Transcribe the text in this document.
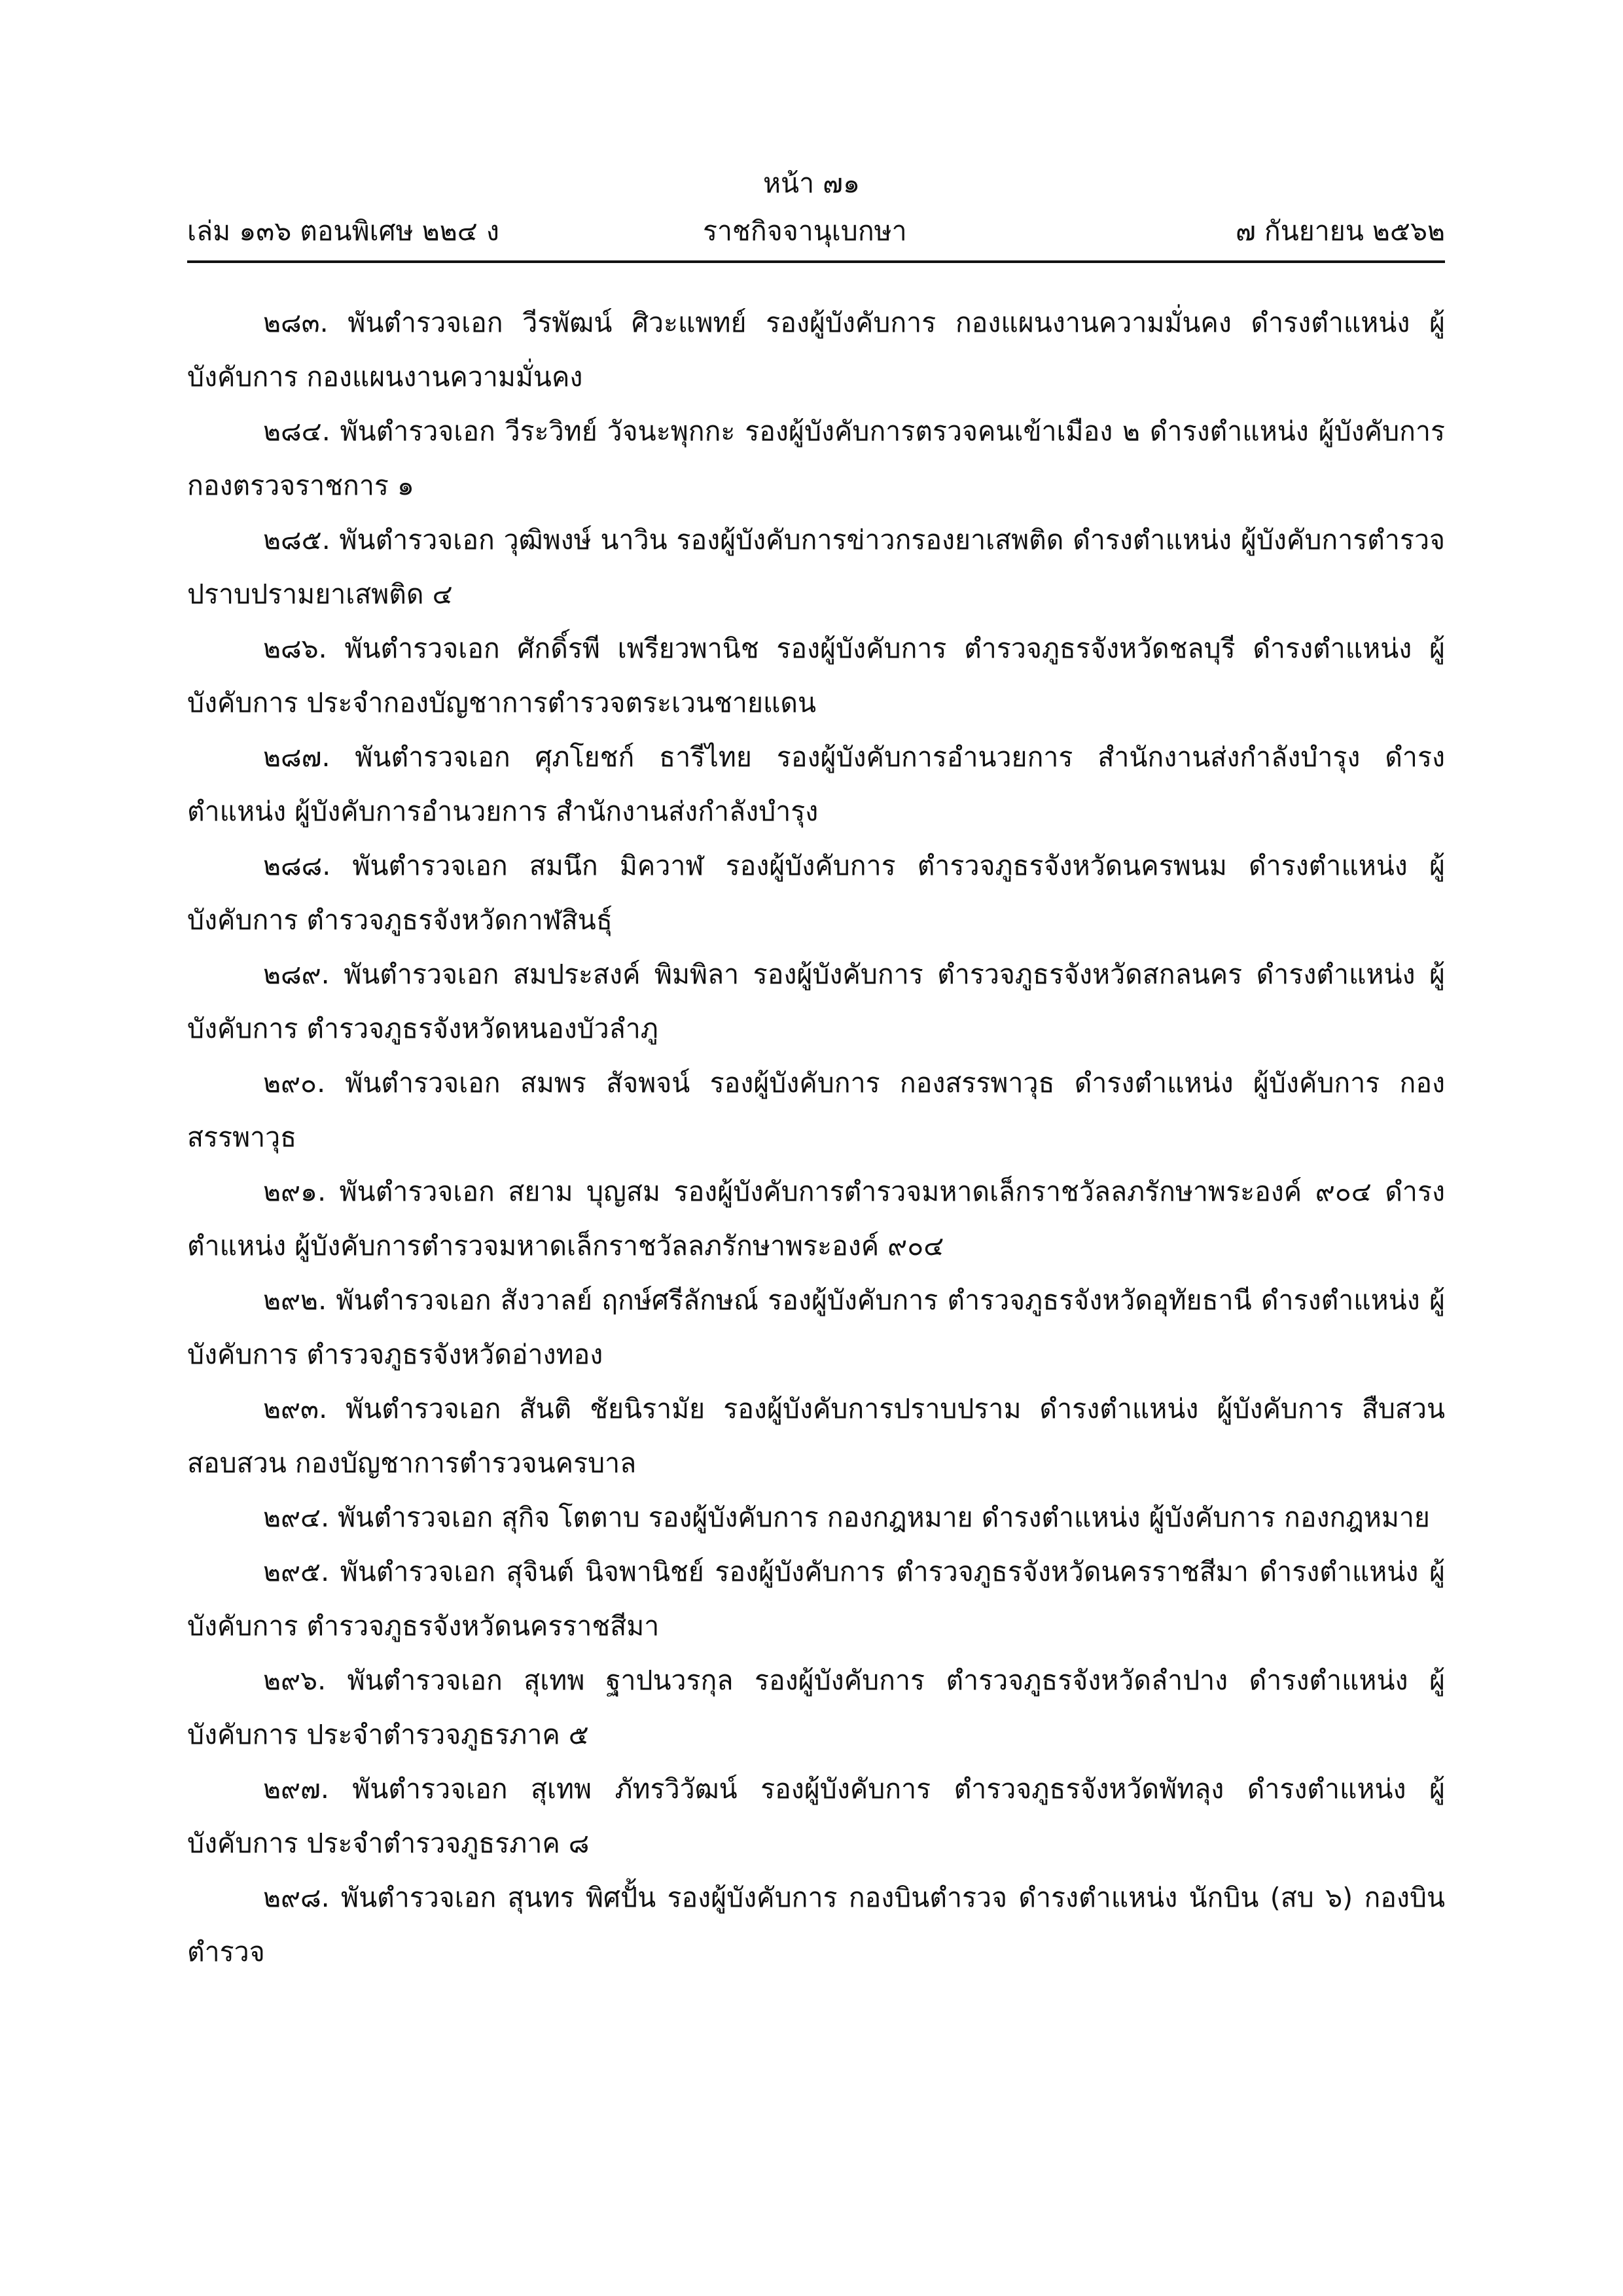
หน้า ๗๑
เล่ม ๑๓๖ ตอนพิเศษ ๒๒๔ ง	ราชกิจจานุเบกษา	๗ กันยายน ๒๕๖๒

๒๘๓. พันตำรวจเอก วีรพัฒน์ ศิวะแพทย์ รองผู้บังคับการ กองแผนงานความมั่นคง ดำรงตำแหน่ง ผู้บังคับการ กองแผนงานความมั่นคง

๒๘๔. พันตำรวจเอก วีระวิทย์ วัจนะพุกกะ รองผู้บังคับการตรวจคนเข้าเมือง ๒ ดำรงตำแหน่ง ผู้บังคับการ กองตรวจราชการ ๑

๒๘๕. พันตำรวจเอก วุฒิพงษ์ นาวิน รองผู้บังคับการข่าวกรองยาเสพติด ดำรงตำแหน่ง ผู้บังคับการตำรวจปราบปรามยาเสพติด ๔

๒๘๖. พันตำรวจเอก ศักดิ์รพี เพรียวพานิช รองผู้บังคับการ ตำรวจภูธรจังหวัดชลบุรี ดำรงตำแหน่ง ผู้บังคับการ ประจำกองบัญชาการตำรวจตระเวนชายแดน

๒๘๗. พันตำรวจเอก ศุภโยชก์ ธารีไทย รองผู้บังคับการอำนวยการ สำนักงานส่งกำลังบำรุง ดำรงตำแหน่ง ผู้บังคับการอำนวยการ สำนักงานส่งกำลังบำรุง

๒๘๘. พันตำรวจเอก สมนึก มิควาฬ รองผู้บังคับการ ตำรวจภูธรจังหวัดนครพนม ดำรงตำแหน่ง ผู้บังคับการ ตำรวจภูธรจังหวัดกาฬสินธุ์

๒๘๙. พันตำรวจเอก สมประสงค์ พิมพิลา รองผู้บังคับการ ตำรวจภูธรจังหวัดสกลนคร ดำรงตำแหน่ง ผู้บังคับการ ตำรวจภูธรจังหวัดหนองบัวลำภู

๒๙๐. พันตำรวจเอก สมพร สัจพจน์ รองผู้บังคับการ กองสรรพาวุธ ดำรงตำแหน่ง ผู้บังคับการ กองสรรพาวุธ

๒๙๑. พันตำรวจเอก สยาม บุญสม รองผู้บังคับการตำรวจมหาดเล็กราชวัลลภรักษาพระองค์ ๙๐๔ ดำรงตำแหน่ง ผู้บังคับการตำรวจมหาดเล็กราชวัลลภรักษาพระองค์ ๙๐๔

๒๙๒. พันตำรวจเอก สังวาลย์ ฤกษ์ศรีลักษณ์ รองผู้บังคับการ ตำรวจภูธรจังหวัดอุทัยธานี ดำรงตำแหน่ง ผู้บังคับการ ตำรวจภูธรจังหวัดอ่างทอง

๒๙๓. พันตำรวจเอก สันติ ชัยนิรามัย รองผู้บังคับการปราบปราม ดำรงตำแหน่ง ผู้บังคับการ สืบสวนสอบสวน กองบัญชาการตำรวจนครบาล

๒๙๔. พันตำรวจเอก สุกิจ โตตาบ รองผู้บังคับการ กองกฎหมาย ดำรงตำแหน่ง ผู้บังคับการ กองกฎหมาย

๒๙๕. พันตำรวจเอก สุจินต์ นิจพานิชย์ รองผู้บังคับการ ตำรวจภูธรจังหวัดนครราชสีมา ดำรงตำแหน่ง ผู้บังคับการ ตำรวจภูธรจังหวัดนครราชสีมา

๒๙๖. พันตำรวจเอก สุเทพ ฐาปนวรกุล รองผู้บังคับการ ตำรวจภูธรจังหวัดลำปาง ดำรงตำแหน่ง ผู้บังคับการ ประจำตำรวจภูธรภาค ๕

๒๙๗. พันตำรวจเอก สุเทพ ภัทรวิวัฒน์ รองผู้บังคับการ ตำรวจภูธรจังหวัดพัทลุง ดำรงตำแหน่ง ผู้บังคับการ ประจำตำรวจภูธรภาค ๘

๒๙๘. พันตำรวจเอก สุนทร พิศปั้น รองผู้บังคับการ กองบินตำรวจ ดำรงตำแหน่ง นักบิน (สบ ๖) กองบินตำรวจ
